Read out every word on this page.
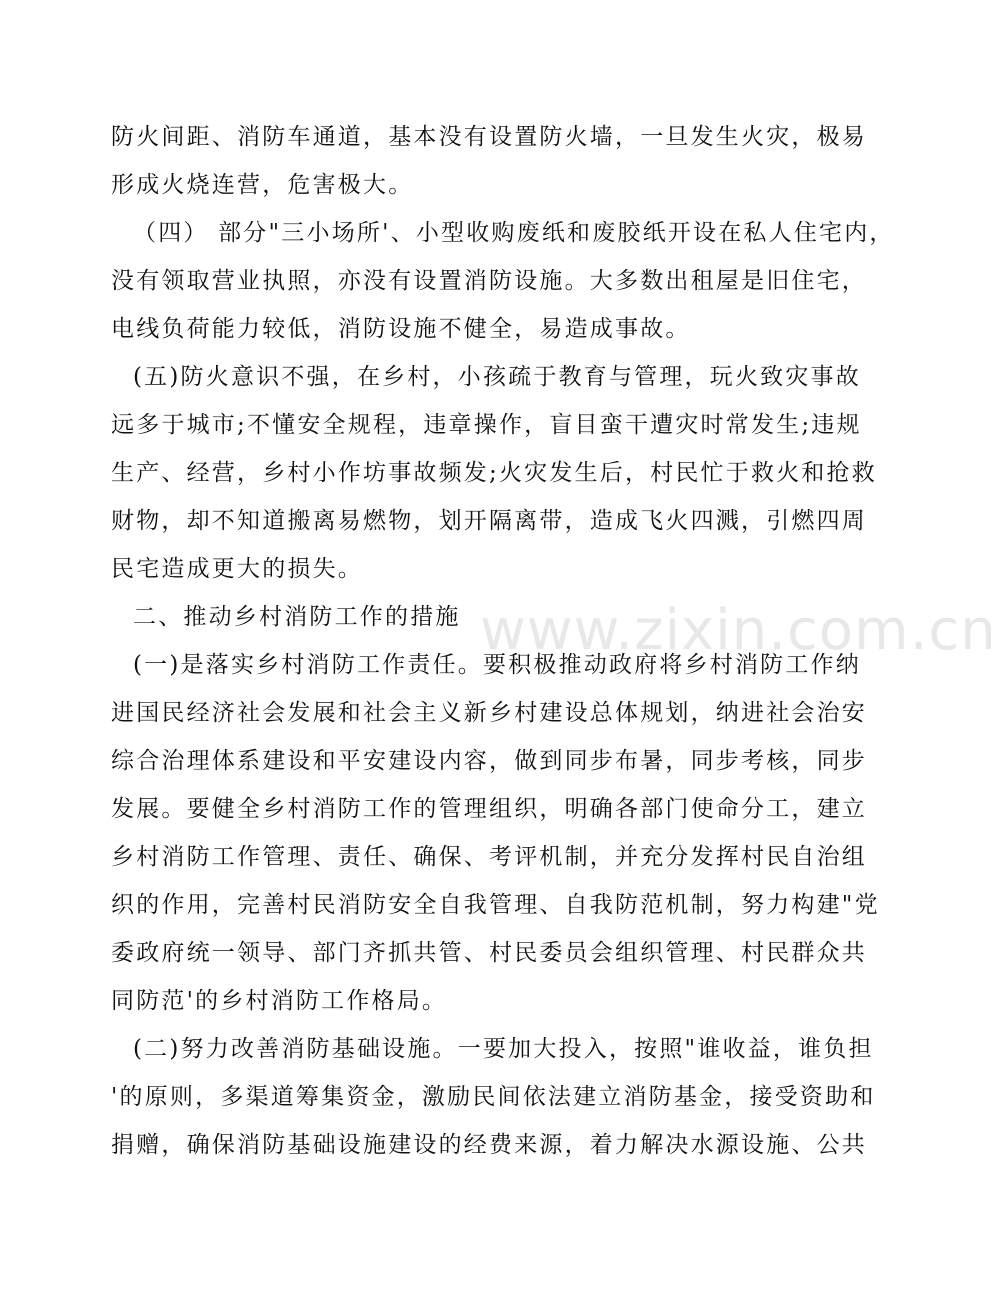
防火间距、消防车通道，基本没有设置防火墙，一旦发生火灾，极易
形成火烧连营，危害极大。
（四） 部分"三小场所'、小型收购废纸和废胶纸开设在私人住宅内，
没有领取营业执照，亦没有设置消防设施。大多数出租屋是旧住宅，
电线负荷能力较低，消防设施不健全，易造成事故。
(五)防火意识不强，在乡村，小孩疏于教育与管理，玩火致灾事故
远多于城市;不懂安全规程，违章操作，盲目蛮干遭灾时常发生;违规
生产、经营，乡村小作坊事故频发;火灾发生后，村民忙于救火和抢救
财物，却不知道搬离易燃物，划开隔离带，造成飞火四溅，引燃四周
民宅造成更大的损失。
二、推动乡村消防工作的措施
(一)是落实乡村消防工作责任。要积极推动政府将乡村消防工作纳
进国民经济社会发展和社会主义新乡村建设总体规划，纳进社会治安
综合治理体系建设和平安建设内容，做到同步布暑，同步考核，同步
发展。要健全乡村消防工作的管理组织，明确各部门使命分工，建立
乡村消防工作管理、责任、确保、考评机制，并充分发挥村民自治组
织的作用，完善村民消防安全自我管理、自我防范机制，努力构建"党
委政府统一领导、部门齐抓共管、村民委员会组织管理、村民群众共
同防范'的乡村消防工作格局。
(二)努力改善消防基础设施。一要加大投入，按照"谁收益，谁负担
'的原则，多渠道筹集资金，激励民间依法建立消防基金，接受资助和
捐赠，确保消防基础设施建设的经费来源，着力解决水源设施、公共
www.zixin.com.cn
